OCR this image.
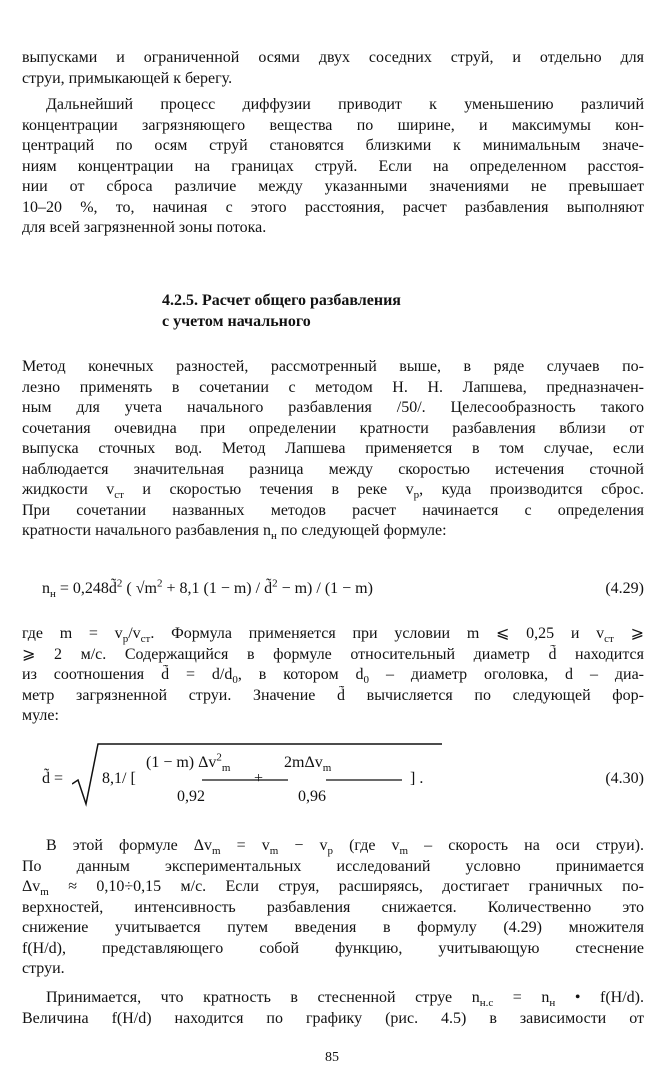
выпусками и ограниченной осями двух соседних струй, и отдельно для
струи, примыкающей к берегу.
Дальнейший процесс диффузии приводит к уменьшению различий
концентрации загрязняющего вещества по ширине, и максимумы кон-
центраций по осям струй становятся близкими к минимальным значе-
ниям концентрации на границах струй. Если на определенном расстоя-
нии от сброса различие между указанными значениями не превышает
10–20 %, то, начиная с этого расстояния, расчет разбавления выполняют
для всей загрязненной зоны потока.
4.2.5. Расчет общего разбавления
с учетом начального
Метод конечных разностей, рассмотренный выше, в ряде случаев по-
лезно применять в сочетании с методом Н. Н. Лапшева, предназначен-
ным для учета начального разбавления /50/. Целесообразность такого
сочетания очевидна при определении кратности разбавления вблизи от
выпуска сточных вод. Метод Лапшева применяется в том случае, если
наблюдается значительная разница между скоростью истечения сточной
жидкости $v_{ст}$ и скоростью течения в реке $v_р$, куда производится сброс.
При сочетании названных методов расчет начинается с определения
кратности начального разбавления $n_н$ по следующей формуле:
$n_н$ = 0,248d̃$^2$ ( $√m^2 + 8,1$ (1 − m) / d̃$^2$ − m) / (1 − m)	(4.29)
где $m = v_р/v_{ст}$. Формула применяется при условии m ⩽ 0,25 и $v_{ст}$ ⩾
⩾ 2 м/с. Содержащийся в формуле относительный диаметр d̃ находится
из соотношения d̃ = $d/d_0$, в котором $d_0$ – диаметр оголовка, d – диа-
метр загрязненной струи. Значение d̃ вычисляется по следующей фор-
муле:
d̃ = 8,1/ [
(1 − m) $\Delta v^2_m$
0,92
+
2mΔv$_m$
0,96
] .	(4.30)
В этой формуле $\Delta v_m = v_m - v_р$ (где $v_m$ – скорость на оси струи).
По данным экспериментальных исследований условно принимается
$\Delta v_m \approx 0,10\div 0,15$ м/с. Если струя, расширяясь, достигает граничных по-
верхностей, интенсивность разбавления снижается. Количественно это
снижение учитывается путем введения в формулу (4.29) множителя
f(H/d), представляющего собой функцию, учитывающую стеснение
струи.
Принимается, что кратность в стесненной струе $n_{н.с} = n_н$ • f(H/d).
Величина f(H/d) находится по графику (рис. 4.5) в зависимости от
85
